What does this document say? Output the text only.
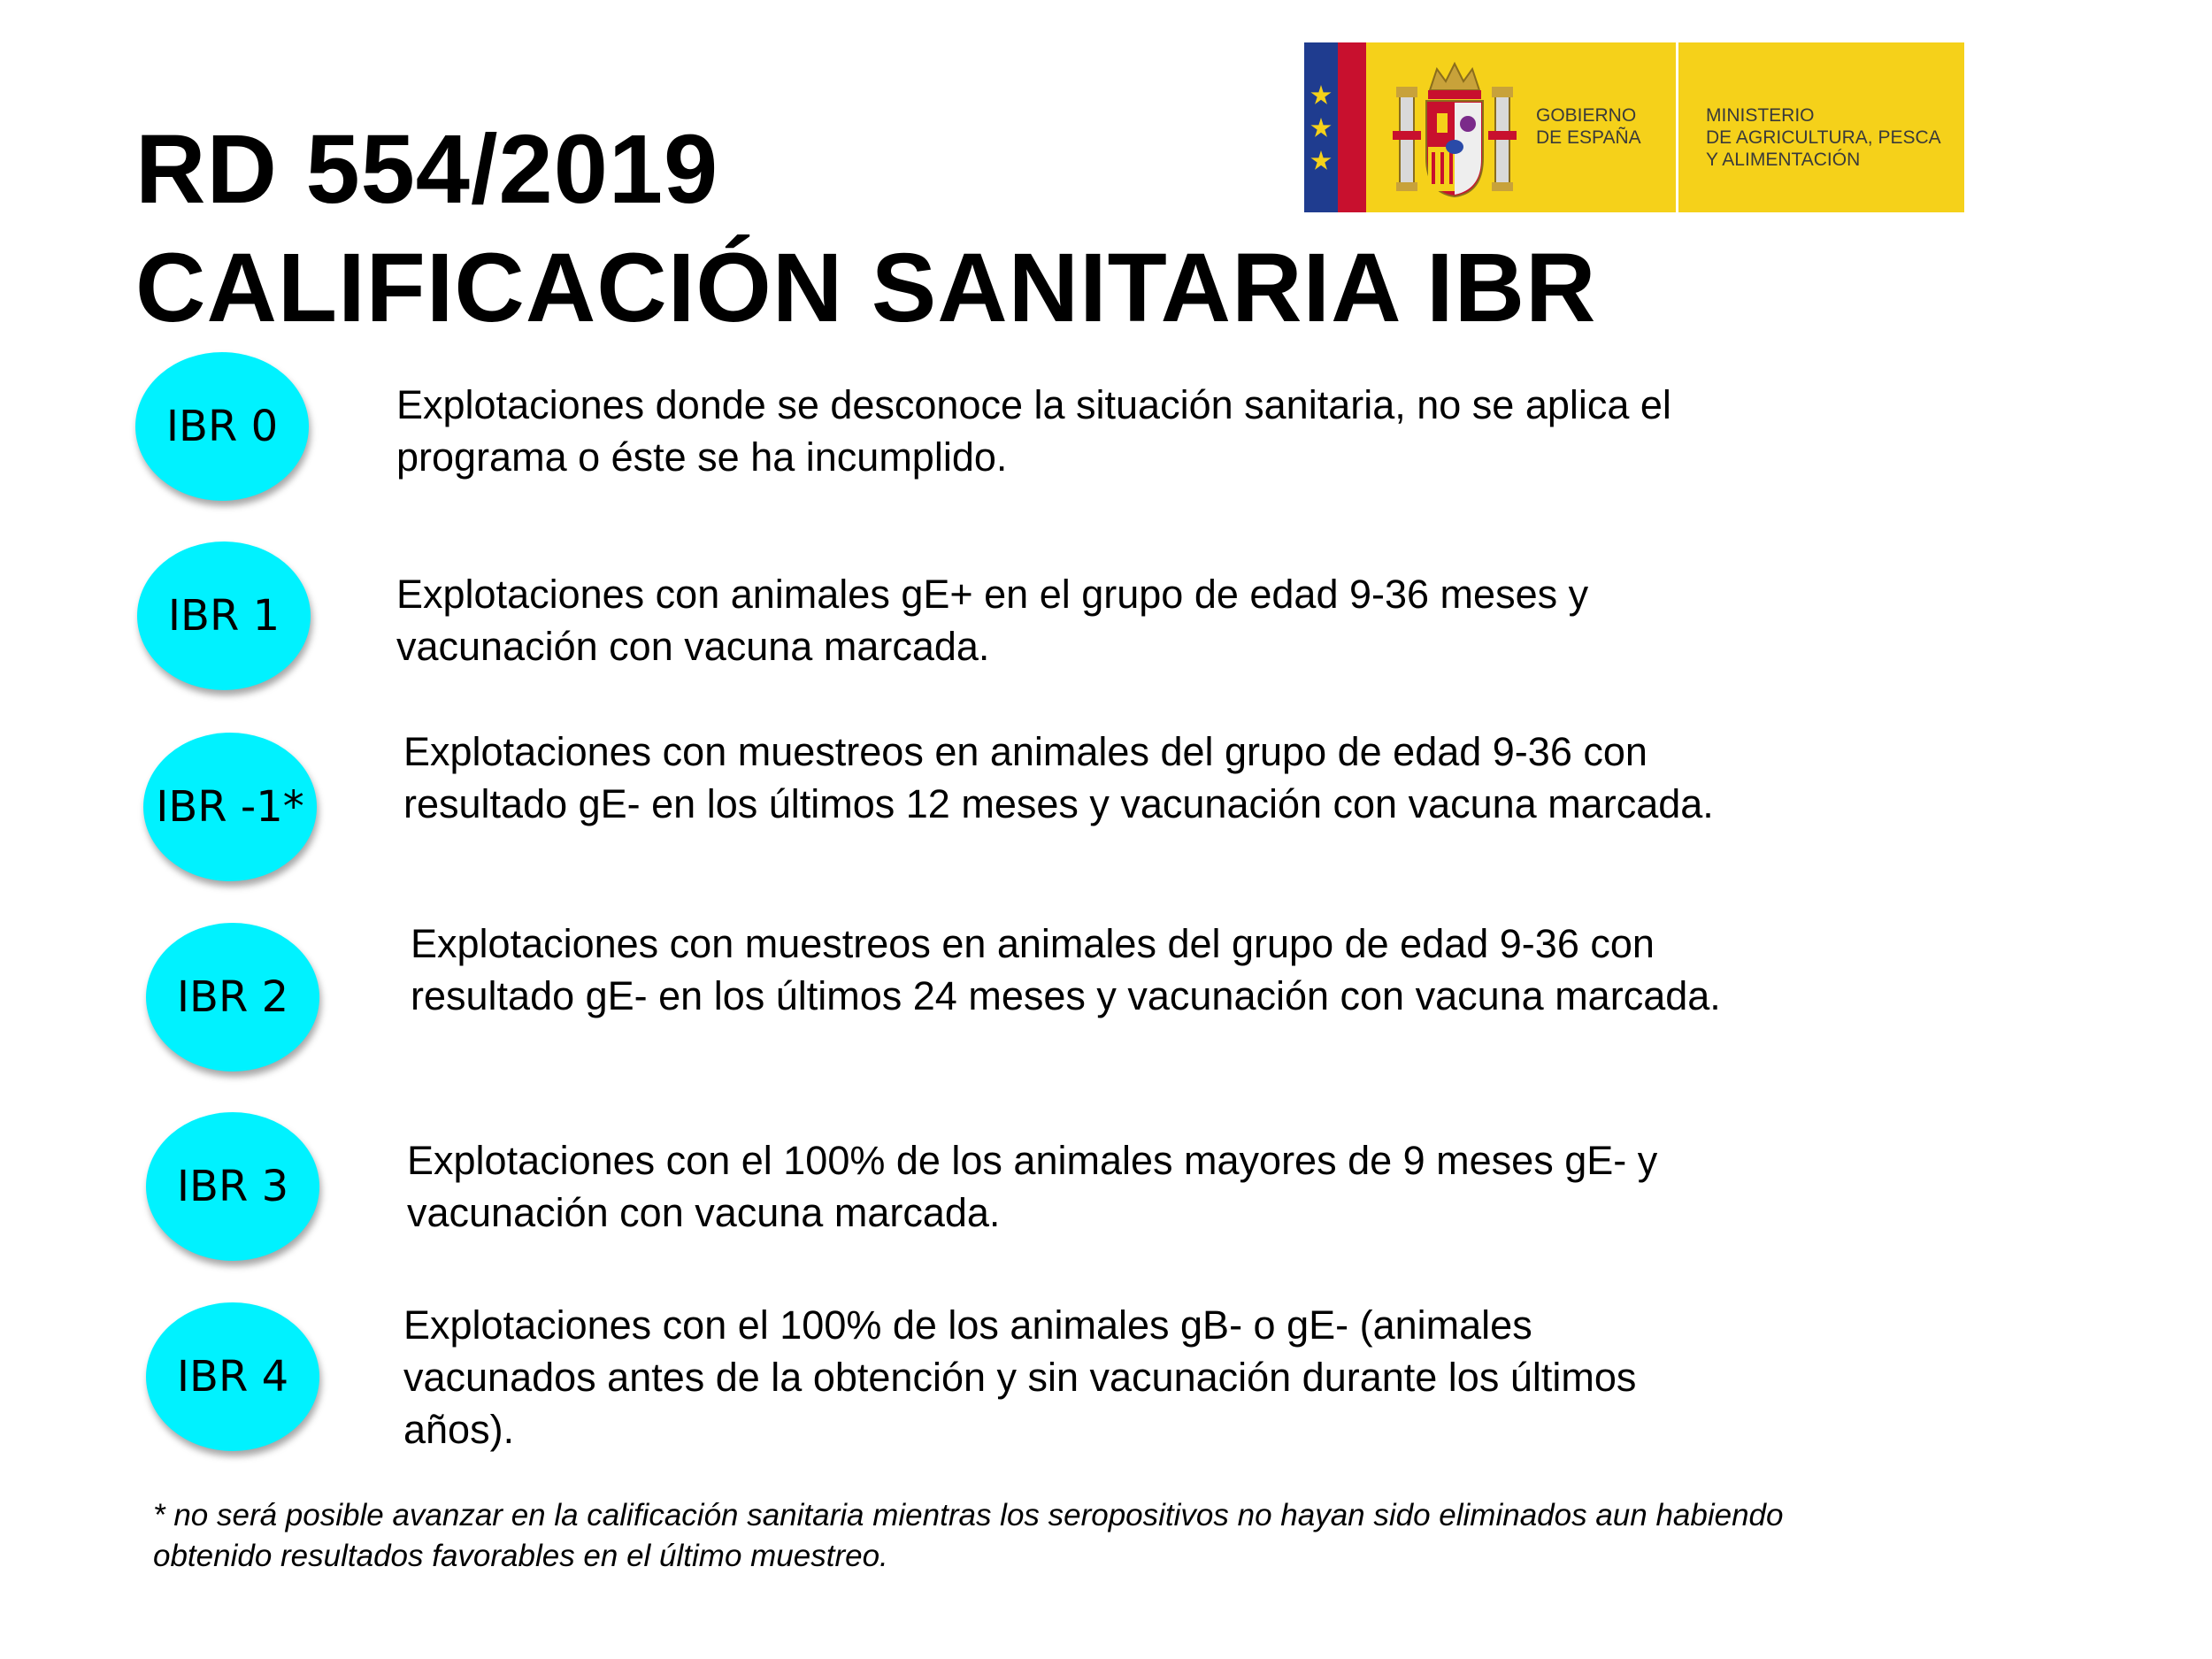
RD 554/2019
CALIFICACIÓN SANITARIA IBR
GOBIERNO
DE ESPAÑA
MINISTERIO
DE AGRICULTURA, PESCA
Y ALIMENTACIÓN
IBR 0	Explotaciones donde se desconoce la situación sanitaria, no se aplica el programa o éste se ha incumplido.

IBR 1	Explotaciones con animales gE+ en el grupo de edad 9-36 meses y vacunación con vacuna marcada.

IBR -1*

Explotaciones con muestreos en animales del grupo de edad 9-36 con resultado gE- en los últimos 12 meses y vacunación con vacuna marcada.

IBR 2

Explotaciones con muestreos en animales del grupo de edad 9-36 con resultado gE- en los últimos 24 meses y vacunación con vacuna marcada.

IBR 3

Explotaciones con el 100% de los animales mayores de 9 meses gE- y vacunación con vacuna marcada.

IBR 4

Explotaciones con el 100% de los animales gB- o gE- (animales vacunados antes de la obtención y sin vacunación durante los últimos años).

* no será posible avanzar en la calificación sanitaria mientras los seropositivos no hayan sido eliminados aun habiendo obtenido resultados favorables en el último muestreo.
